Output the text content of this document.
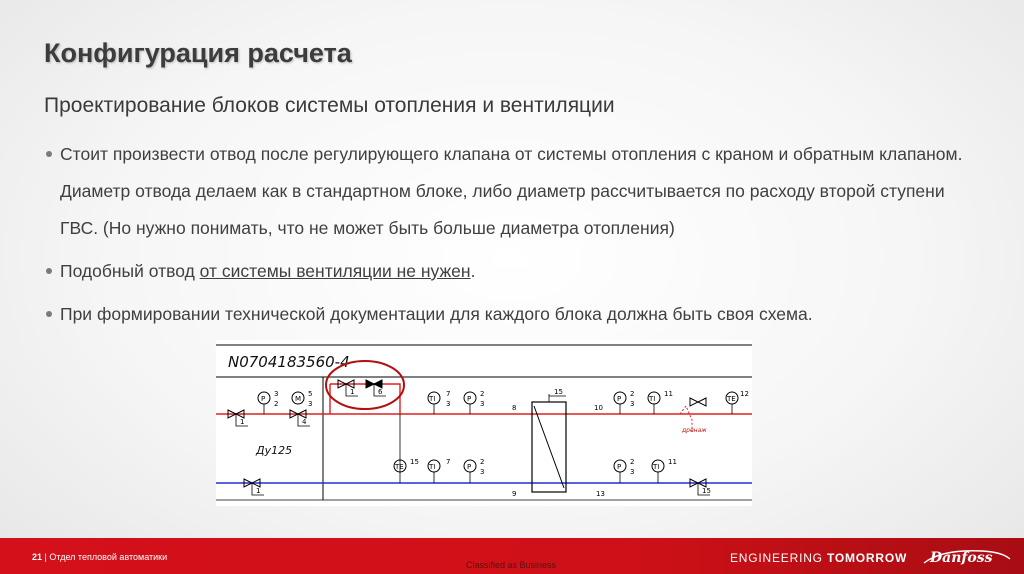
Конфигурация расчета
Проектирование блоков системы отопления и вентиляции
Стоит произвести отвод после регулирующего клапана от системы отопления с краном и обратным клапаном. Диаметр отвода делаем как в стандартном блоке, либо диаметр рассчитывается по расходу второй ступени ГВС. (Но нужно понимать, что не может быть больше диаметра отопления)
Подобный отвод от системы вентиляции не нужен.
При формировании технической документации для каждого блока должна быть своя схема.
N0704183560-4
1	6
1	4
1	15
15
P
3
2
M
5
3
TI
7
3
P
2
3	8	10
P
2
3
TI
11
TE
12
TE
15
TI
7
P
2
3
9	13
P
2
3
TI
11
дренаж
Ду125
21 | Отдел тепловой автоматики
Classified as Business	ENGINEERING TOMORROW Danfoss
